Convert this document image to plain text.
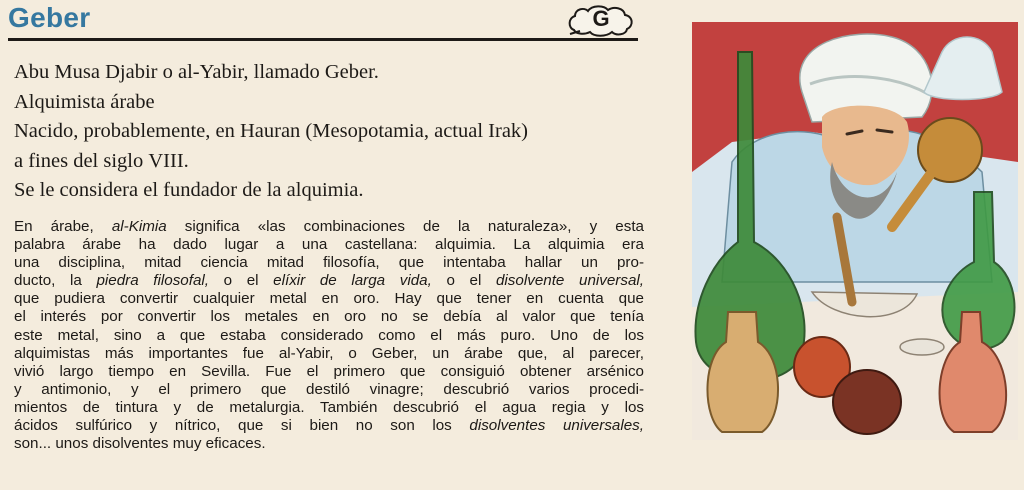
Geber	G

Abu Musa Djabir o al-Yabir, llamado Geber.

Alquimista árabe

Nacido, probablemente, en Hauran (Mesopotamia, actual Irak)

a fines del siglo VIII.

Se le considera el fundador de la alquimia.

En árabe, al-Kimia significa «las combinaciones de la naturaleza», y esta
palabra árabe ha dado lugar a una castellana: alquimia. La alquimia era
una disciplina, mitad ciencia mitad filosofía, que intentaba hallar un pro-
ducto, la piedra filosofal, o el elíxir de larga vida, o el disolvente universal,
que pudiera convertir cualquier metal en oro. Hay que tener en cuenta que
el interés por convertir los metales en oro no se debía al valor que tenía
este metal, sino a que estaba considerado como el más puro. Uno de los
alquimistas más importantes fue al-Yabir, o Geber, un árabe que, al parecer,
vivió largo tiempo en Sevilla. Fue el primero que consiguió obtener arsénico
y antimonio, y el primero que destiló vinagre; descubrió varios procedi-
mientos de tintura y de metalurgia. También descubrió el agua regia y los
ácidos sulfúrico y nítrico, que si bien no son los disolventes universales,
son... unos disolventes muy eficaces.
